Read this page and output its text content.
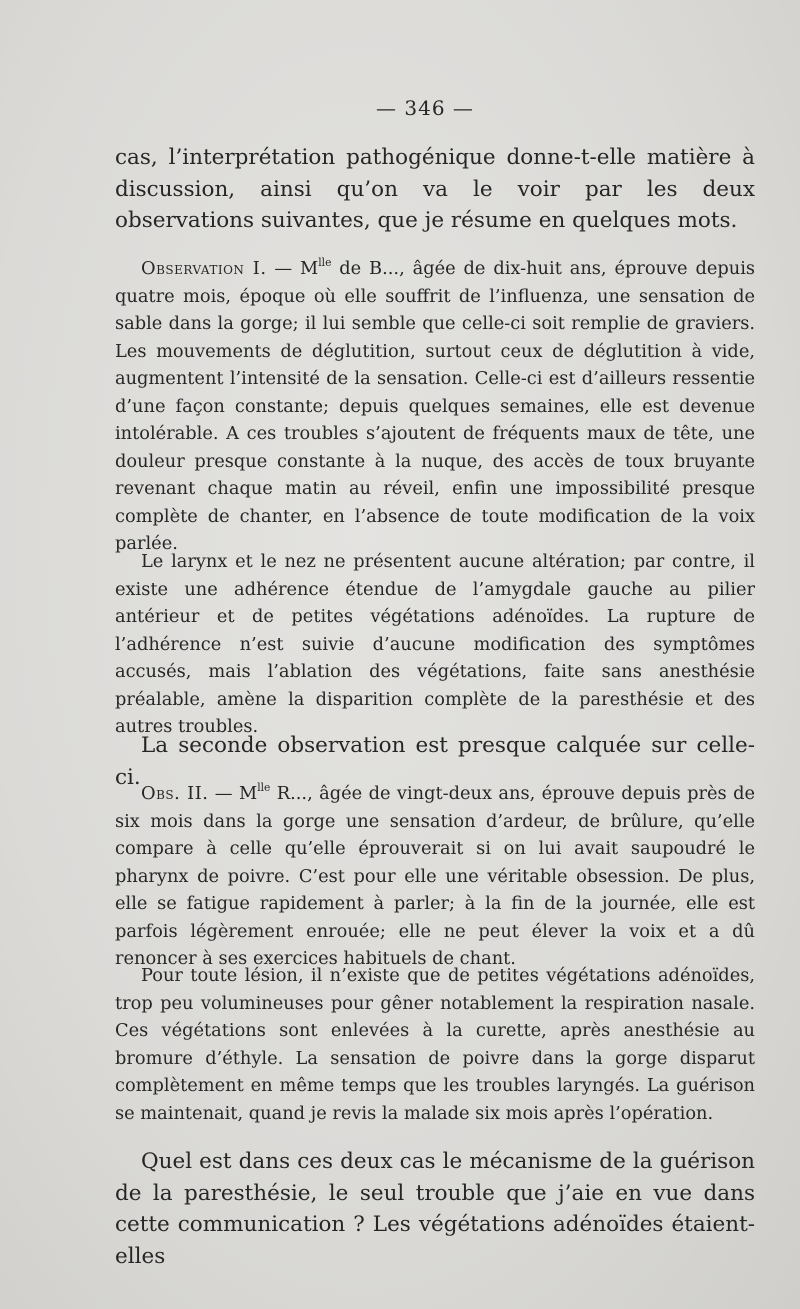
— 346 —

cas, l’interprétation pathogénique donne-t-elle matière à discussion, ainsi qu’on va le voir par les deux observations suivantes, que je résume en quelques mots.

Observation I. — $M^{lle}$ de B..., âgée de dix-huit ans, éprouve depuis quatre mois, époque où elle souffrit de l’influenza, une sensation de sable dans la gorge; il lui semble que celle-ci soit remplie de graviers. Les mouvements de déglutition, surtout ceux de déglutition à vide, augmentent l’intensité de la sensation. Celle-ci est d’ailleurs ressentie d’une façon constante; depuis quelques semaines, elle est devenue intolérable. A ces troubles s’ajoutent de fréquents maux de tête, une douleur presque constante à la nuque, des accès de toux bruyante revenant chaque matin au réveil, enfin une impossibilité presque complète de chanter, en l’absence de toute modification de la voix parlée.

Le larynx et le nez ne présentent aucune altération; par contre, il existe une adhérence étendue de l’amygdale gauche au pilier antérieur et de petites végétations adénoïdes. La rupture de l’adhérence n’est suivie d’aucune modification des symptômes accusés, mais l’ablation des végétations, faite sans anesthésie préalable, amène la disparition complète de la paresthésie et des autres troubles.

La seconde observation est presque calquée sur celle-ci.

Obs. II. — $M^{lle}$ R..., âgée de vingt-deux ans, éprouve depuis près de six mois dans la gorge une sensation d’ardeur, de brûlure, qu’elle compare à celle qu’elle éprouverait si on lui avait saupoudré le pharynx de poivre. C’est pour elle une véritable obsession. De plus, elle se fatigue rapidement à parler; à la fin de la journée, elle est parfois légèrement enrouée; elle ne peut élever la voix et a dû renoncer à ses exercices habituels de chant.

Pour toute lésion, il n’existe que de petites végétations adénoïdes, trop peu volumineuses pour gêner notablement la respiration nasale. Ces végétations sont enlevées à la curette, après anesthésie au bromure d’éthyle. La sensation de poivre dans la gorge disparut complètement en même temps que les troubles laryngés. La guérison se maintenait, quand je revis la malade six mois après l’opération.

Quel est dans ces deux cas le mécanisme de la guérison de la paresthésie, le seul trouble que j’aie en vue dans cette communication ? Les végétations adénoïdes étaient-elles
